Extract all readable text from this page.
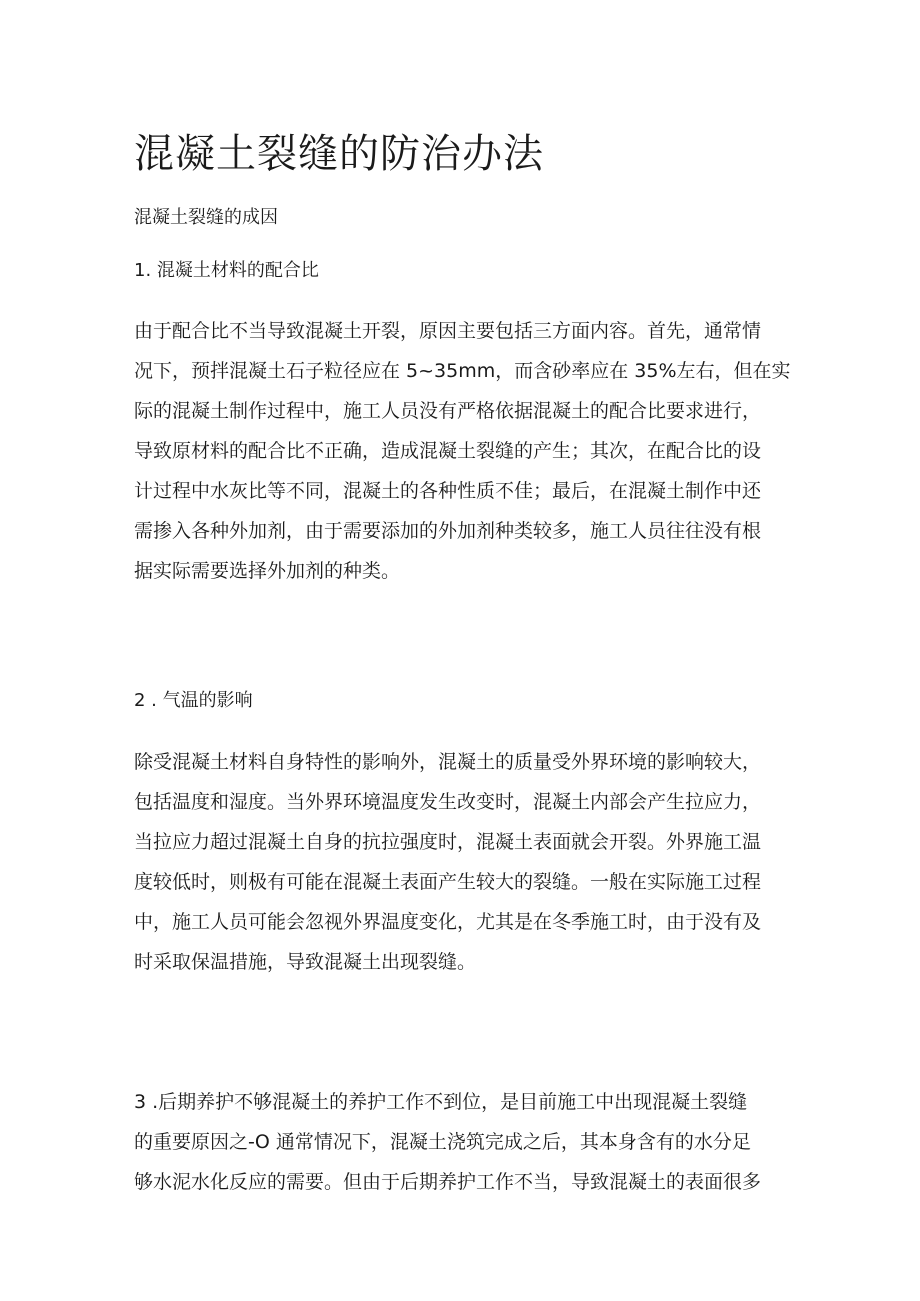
混凝土裂缝的防治办法

混凝土裂缝的成因

1. 混凝土材料的配合比

由于配合比不当导致混凝土开裂，原因主要包括三方面内容。首先，通常情
况下，预拌混凝土石子粒径应在 5~35mm，而含砂率应在 35%左右，但在实
际的混凝土制作过程中，施工人员没有严格依据混凝土的配合比要求进行，
导致原材料的配合比不正确，造成混凝土裂缝的产生；其次，在配合比的设
计过程中水灰比等不同，混凝土的各种性质不佳；最后，在混凝土制作中还
需掺入各种外加剂，由于需要添加的外加剂种类较多，施工人员往往没有根
据实际需要选择外加剂的种类。

2 . 气温的影响

除受混凝土材料自身特性的影响外，混凝土的质量受外界环境的影响较大，
包括温度和湿度。当外界环境温度发生改变时，混凝土内部会产生拉应力，
当拉应力超过混凝土自身的抗拉强度时，混凝土表面就会开裂。外界施工温
度较低时，则极有可能在混凝土表面产生较大的裂缝。一般在实际施工过程
中，施工人员可能会忽视外界温度变化，尤其是在冬季施工时，由于没有及
时采取保温措施，导致混凝土出现裂缝。
3 .后期养护不够混凝土的养护工作不到位，是目前施工中出现混凝土裂缝
的重要原因之-O 通常情况下，混凝土浇筑完成之后，其本身含有的水分足
够水泥水化反应的需要。但由于后期养护工作不当，导致混凝土的表面很多
